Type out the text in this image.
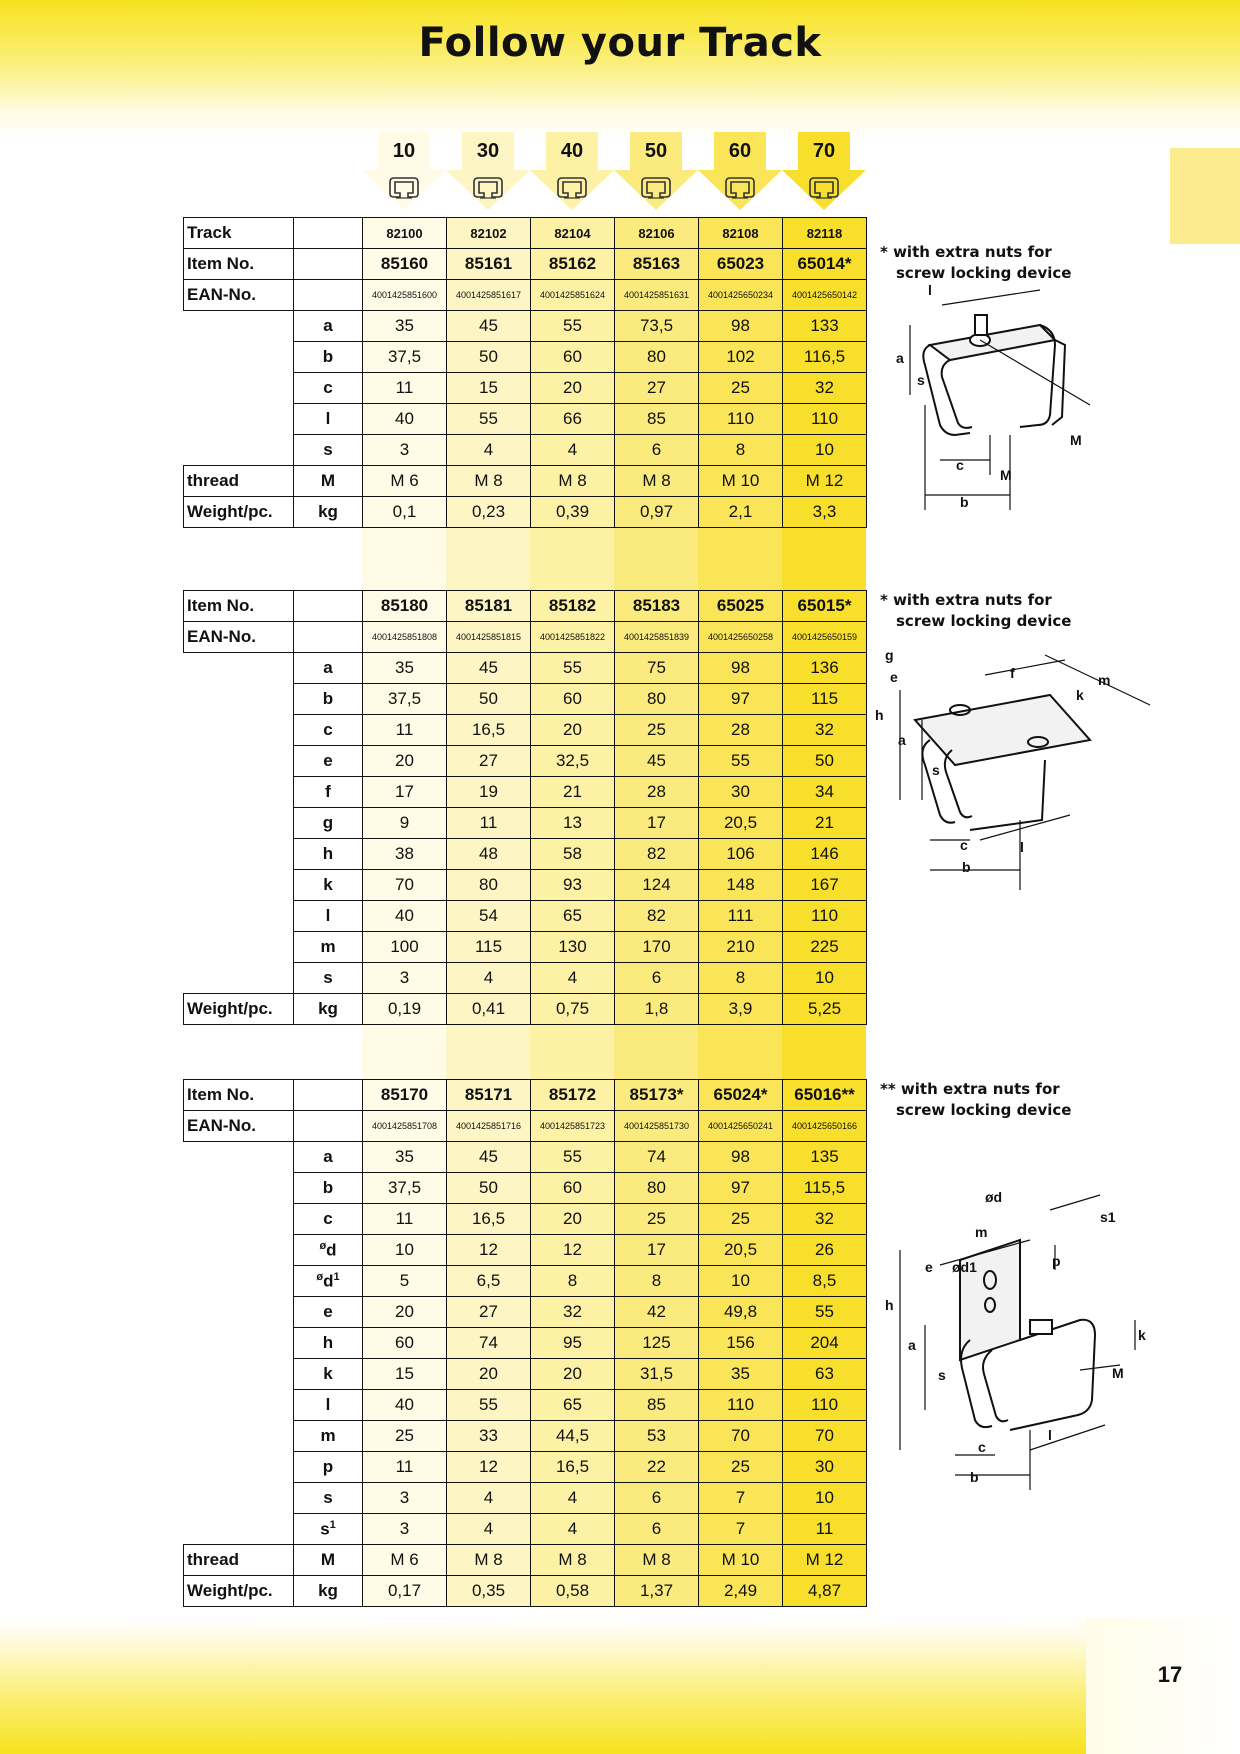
Follow your Track
10	30	40	50	60	70
Track		82100	82102	82104	82106	82108	82118
Item No.		85160	85161	85162	85163	65023	65014*
EAN-No.		4001425851600	4001425851617	4001425851624	4001425851631	4001425650234	4001425650142
	a	35	45	55	73,5	98	133
	b	37,5	50	60	80	102	116,5
	c	11	15	20	27	25	32
	l	40	55	66	85	110	110
	s	3	4	4	6	8	10
thread	M	M 6	M 8	M 8	M 8	M 10	M 12
Weight/pc.	kg	0,1	0,23	0,39	0,97	2,1	3,3
Item No.		85180	85181	85182	85183	65025	65015*
EAN-No.		4001425851808	4001425851815	4001425851822	4001425851839	4001425650258	4001425650159
	a	35	45	55	75	98	136
	b	37,5	50	60	80	97	115
	c	11	16,5	20	25	28	32
	e	20	27	32,5	45	55	50
	f	17	19	21	28	30	34
	g	9	11	13	17	20,5	21
	h	38	48	58	82	106	146
	k	70	80	93	124	148	167
	l	40	54	65	82	111	110
	m	100	115	130	170	210	225
	s	3	4	4	6	8	10
Weight/pc.	kg	0,19	0,41	0,75	1,8	3,9	5,25
Item No.		85170	85171	85172	85173*	65024*	65016**
EAN-No.		4001425851708	4001425851716	4001425851723	4001425851730	4001425650241	4001425650166
	a	35	45	55	74	98	135
	b	37,5	50	60	80	97	115,5
	c	11	16,5	20	25	25	32
	$^ø$d	10	12	12	17	20,5	26
	$^ød^1$	5	6,5	8	8	10	8,5
	e	20	27	32	42	49,8	55
	h	60	74	95	125	156	204
	k	15	20	20	31,5	35	63
	l	40	55	65	85	110	110
	m	25	33	44,5	53	70	70
	p	11	12	16,5	22	25	30
	s	3	4	4	6	7	10
	$s^1$	3	4	4	6	7	11
thread	M	M 6	M 8	M 8	M 8	M 10	M 12
Weight/pc.	kg	0,17	0,35	0,58	1,37	2,49	4,87
* with extra nuts for
screw locking device
* with extra nuts for
screw locking device
** with extra nuts for
screw locking device
l
a
s
c
b
M
M
g
e	f	m
k
h
a
s
c
b
l
ød
s1
m
e ød1	p
h
k
a
s	M
l
c
b
17
